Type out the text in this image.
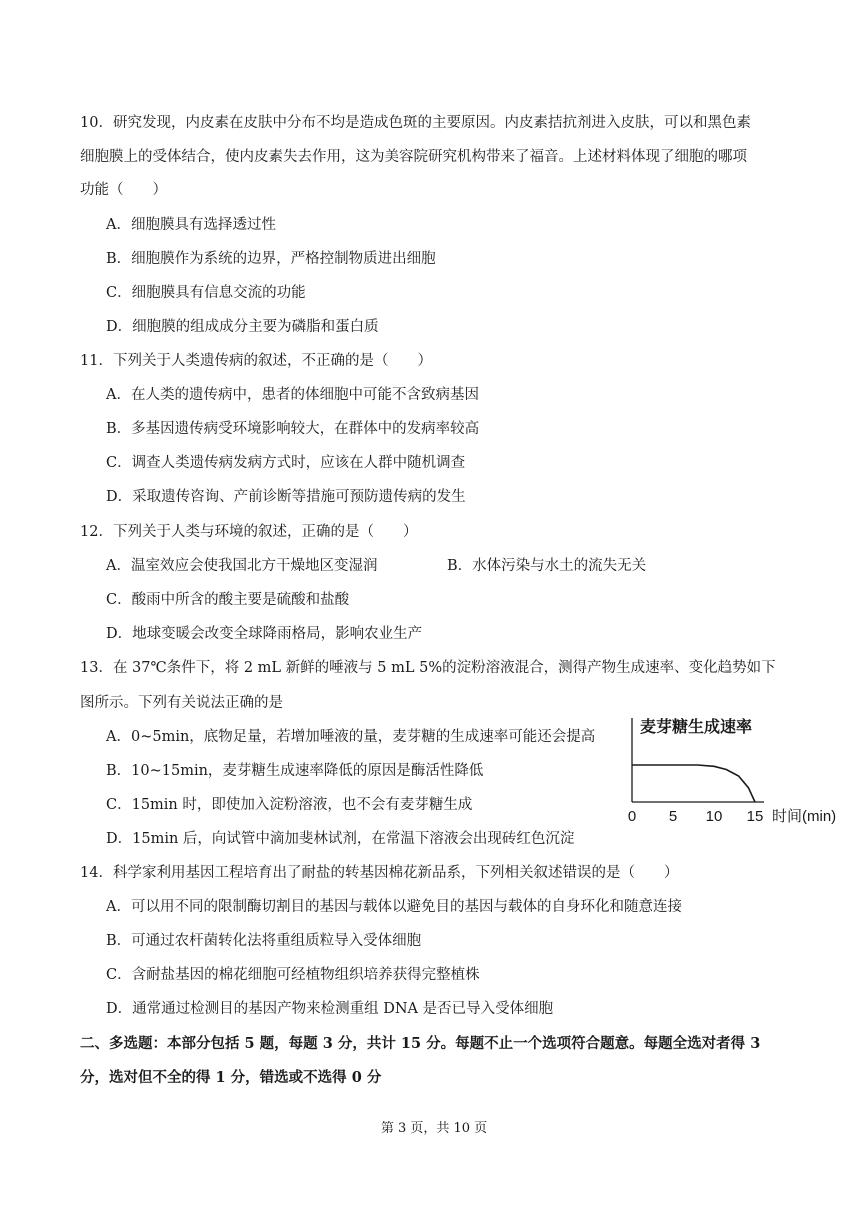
10．研究发现，内皮素在皮肤中分布不均是造成色斑的主要原因。内皮素拮抗剂进入皮肤，可以和黑色素
细胞膜上的受体结合，使内皮素失去作用，这为美容院研究机构带来了福音。上述材料体现了细胞的哪项
功能（　　）
A．细胞膜具有选择透过性
B．细胞膜作为系统的边界，严格控制物质进出细胞
C．细胞膜具有信息交流的功能
D．细胞膜的组成成分主要为磷脂和蛋白质
11．下列关于人类遗传病的叙述，不正确的是（　　）
A．在人类的遗传病中，患者的体细胞中可能不含致病基因
B．多基因遗传病受环境影响较大，在群体中的发病率较高
C．调查人类遗传病发病方式时，应该在人群中随机调查
D．采取遗传咨询、产前诊断等措施可预防遗传病的发生
12．下列关于人类与环境的叙述，正确的是（　　）
A．温室效应会使我国北方干燥地区变湿润	B．水体污染与水土的流失无关
C．酸雨中所含的酸主要是硫酸和盐酸
D．地球变暖会改变全球降雨格局，影响农业生产
13．在 37℃条件下，将 2 mL 新鲜的唾液与 5 mL 5%的淀粉溶液混合，测得产物生成速率、变化趋势如下
图所示。下列有关说法正确的是
A．0~5min，底物足量，若增加唾液的量，麦芽糖的生成速率可能还会提高
B．10~15min，麦芽糖生成速率降低的原因是酶活性降低
C．15min 时，即使加入淀粉溶液，也不会有麦芽糖生成
D．15min 后，向试管中滴加斐林试剂，在常温下溶液会出现砖红色沉淀
麦芽糖生成速率
0 5 10 15 时间(min)
14．科学家利用基因工程培育出了耐盐的转基因棉花新品系，下列相关叙述错误的是（　　）
A．可以用不同的限制酶切割目的基因与载体以避免目的基因与载体的自身环化和随意连接
B．可通过农杆菌转化法将重组质粒导入受体细胞
C．含耐盐基因的棉花细胞可经植物组织培养获得完整植株
D．通常通过检测目的基因产物来检测重组 DNA 是否已导入受体细胞
二、多选题：本部分包括 5 题，每题 3 分，共计 15 分。每题不止一个选项符合题意。每题全选对者得 3
分，选对但不全的得 1 分，错选或不选得 0 分
第 3 页，共 10 页
